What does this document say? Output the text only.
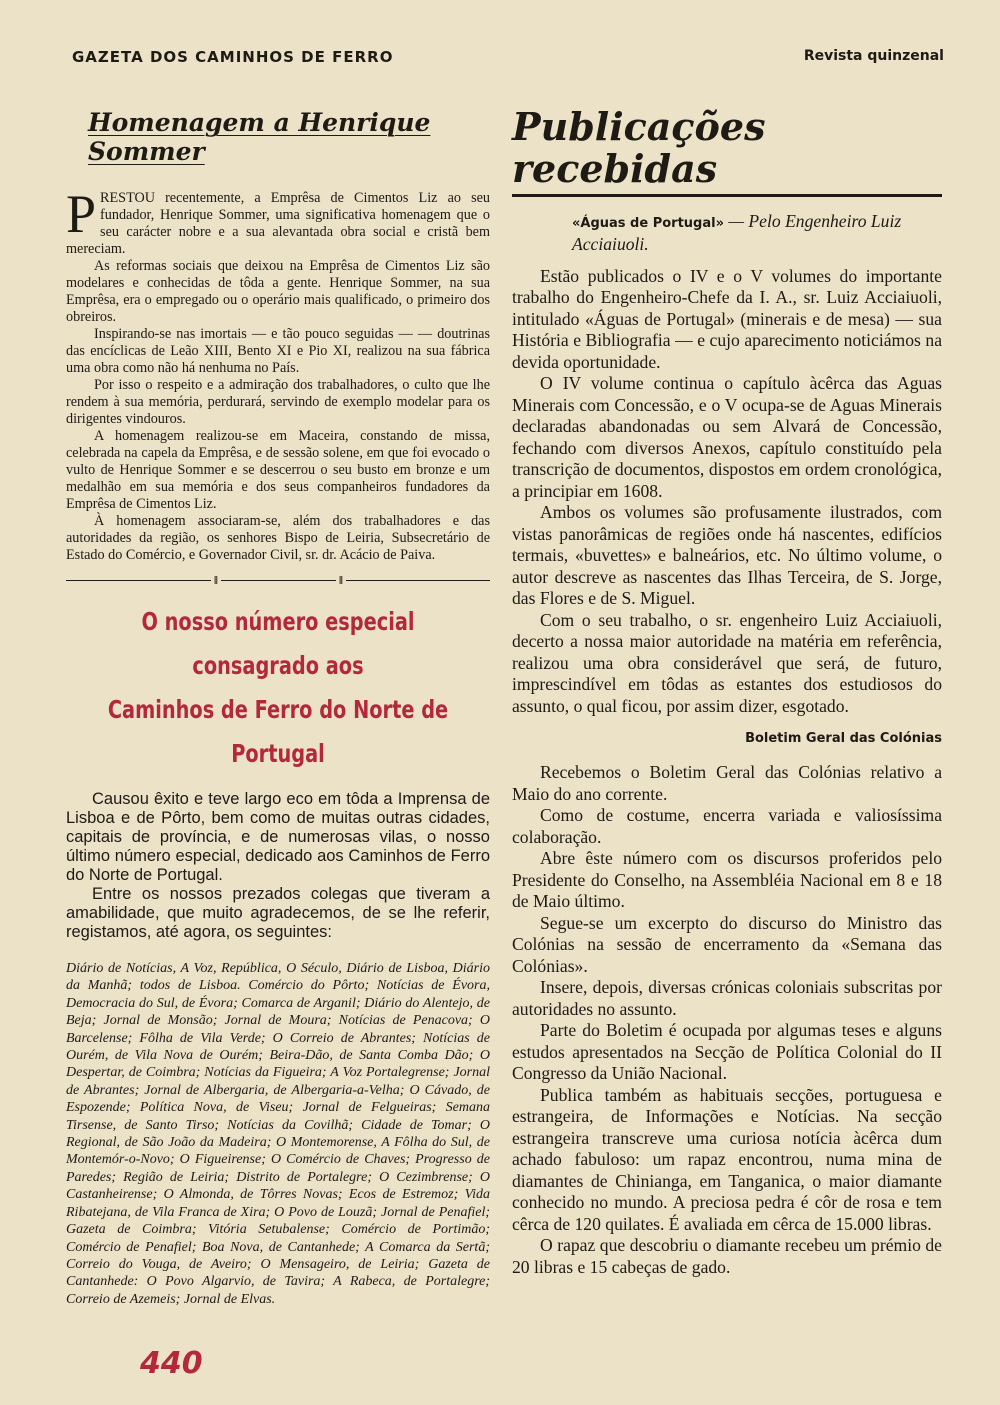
GAZETA DOS CAMINHOS DE FERRO	Revista quinzenal
Homenagem a Henrique Sommer

PRESTOU recentemente, a Emprêsa de Cimentos Liz ao seu fundador, Henrique Sommer, uma significativa homenagem que o seu carácter nobre e a sua alevantada obra social e cristã bem mereciam.

As reformas sociais que deixou na Emprêsa de Cimentos Liz são modelares e conhecidas de tôda a gente. Henrique Sommer, na sua Emprêsa, era o empregado ou o operário mais qualificado, o primeiro dos obreiros.

Inspirando-se nas imortais — e tão pouco seguidas — — doutrinas das encíclicas de Leão XIII, Bento XI e Pio XI, realizou na sua fábrica uma obra como não há nenhuma no País.

Por isso o respeito e a admiração dos trabalhadores, o culto que lhe rendem à sua memória, perdurará, servindo de exemplo modelar para os dirigentes vindouros.

A homenagem realizou-se em Maceira, constando de missa, celebrada na capela da Emprêsa, e de sessão solene, em que foi evocado o vulto de Henrique Sommer e se descerrou o seu busto em bronze e um medalhão em sua memória e dos seus companheiros fundadores da Emprêsa de Cimentos Liz.

À homenagem associaram-se, além dos trabalhadores e das autoridades da região, os senhores Bispo de Leiria, Subsecretário de Estado do Comércio, e Governador Civil, sr. dr. Acácio de Paiva.

ǁ	ǁ
O nosso número especial consagrado aos
Caminhos de Ferro do Norte de Portugal

Causou êxito e teve largo eco em tôda a Imprensa de Lisboa e de Pôrto, bem como de muitas outras cidades, capitais de província, e de numerosas vilas, o nosso último número especial, dedicado aos Caminhos de Ferro do Norte de Portugal.

Entre os nossos prezados colegas que tiveram a amabilidade, que muito agradecemos, de se lhe referir, registamos, até agora, os seguintes:

Diário de Notícias, A Voz, República, O Século, Diário de Lisboa, Diário da Manhã; todos de Lisboa. Comércio do Pôrto; Notícias de Évora, Democracia do Sul, de Évora; Comarca de Arganil; Diário do Alentejo, de Beja; Jornal de Monsão; Jornal de Moura; Notícias de Penacova; O Barcelense; Fôlha de Vila Verde; O Correio de Abrantes; Notícias de Ourém, de Vila Nova de Ourém; Beira-Dão, de Santa Comba Dão; O Despertar, de Coimbra; Notícias da Figueira; A Voz Portalegrense; Jornal de Abrantes; Jornal de Albergaria, de Albergaria-a-Velha; O Cávado, de Espozende; Política Nova, de Viseu; Jornal de Felgueiras; Semana Tirsense, de Santo Tirso; Notícias da Covilhã; Cidade de Tomar; O Regional, de São João da Madeira; O Montemorense, A Fôlha do Sul, de Montemór-o-Novo; O Figueirense; O Comércio de Chaves; Progresso de Paredes; Região de Leiria; Distrito de Portalegre; O Cezimbrense; O Castanheirense; O Almonda, de Tôrres Novas; Ecos de Estremoz; Vida Ribatejana, de Vila Franca de Xira; O Povo de Louzã; Jornal de Penafiel; Gazeta de Coimbra; Vitória Setubalense; Comércio de Portimão; Comércio de Penafiel; Boa Nova, de Cantanhede; A Comarca da Sertã; Correio do Vouga, de Aveiro; O Mensageiro, de Leiria; Gazeta de Cantanhede: O Povo Algarvio, de Tavira; A Rabeca, de Portalegre; Correio de Azemeis; Jornal de Elvas.
Publicações recebidas
«Águas de Portugal» — Pelo Engenheiro Luiz Acciaiuoli.

Estão publicados o IV e o V volumes do importante trabalho do Engenheiro-Chefe da I. A., sr. Luiz Acciaiuoli, intitulado «Águas de Portugal» (minerais e de mesa) — sua História e Bibliografia — e cujo aparecimento noticiámos na devida oportunidade.

O IV volume continua o capítulo àcêrca das Aguas Minerais com Concessão, e o V ocupa-se de Aguas Minerais declaradas abandonadas ou sem Alvará de Concessão, fechando com diversos Anexos, capítulo constituído pela transcrição de documentos, dispostos em ordem cronológica, a principiar em 1608.

Ambos os volumes são profusamente ilustrados, com vistas panorâmicas de regiões onde há nascentes, edifícios termais, «buvettes» e balneários, etc. No último volume, o autor descreve as nascentes das Ilhas Terceira, de S. Jorge, das Flores e de S. Miguel.

Com o seu trabalho, o sr. engenheiro Luiz Acciaiuoli, decerto a nossa maior autoridade na matéria em referência, realizou uma obra considerável que será, de futuro, imprescindível em tôdas as estantes dos estudiosos do assunto, o qual ficou, por assim dizer, esgotado.

Boletim Geral das Colónias

Recebemos o Boletim Geral das Colónias relativo a Maio do ano corrente.

Como de costume, encerra variada e valiosíssima colaboração.

Abre êste número com os discursos proferidos pelo Presidente do Conselho, na Assembléia Nacional em 8 e 18 de Maio último.

Segue-se um excerpto do discurso do Ministro das Colónias na sessão de encerramento da «Semana das Colónias».

Insere, depois, diversas crónicas coloniais subscritas por autoridades no assunto.

Parte do Boletim é ocupada por algumas teses e alguns estudos apresentados na Secção de Política Colonial do II Congresso da União Nacional.

Publica também as habituais secções, portuguesa e estrangeira, de Informações e Notícias. Na secção estrangeira transcreve uma curiosa notícia àcêrca dum achado fabuloso: um rapaz encontrou, numa mina de diamantes de Chinianga, em Tanganica, o maior diamante conhecido no mundo. A preciosa pedra é côr de rosa e tem cêrca de 120 quilates. É avaliada em cêrca de 15.000 libras.

O rapaz que descobriu o diamante recebeu um prémio de 20 libras e 15 cabeças de gado.

440
